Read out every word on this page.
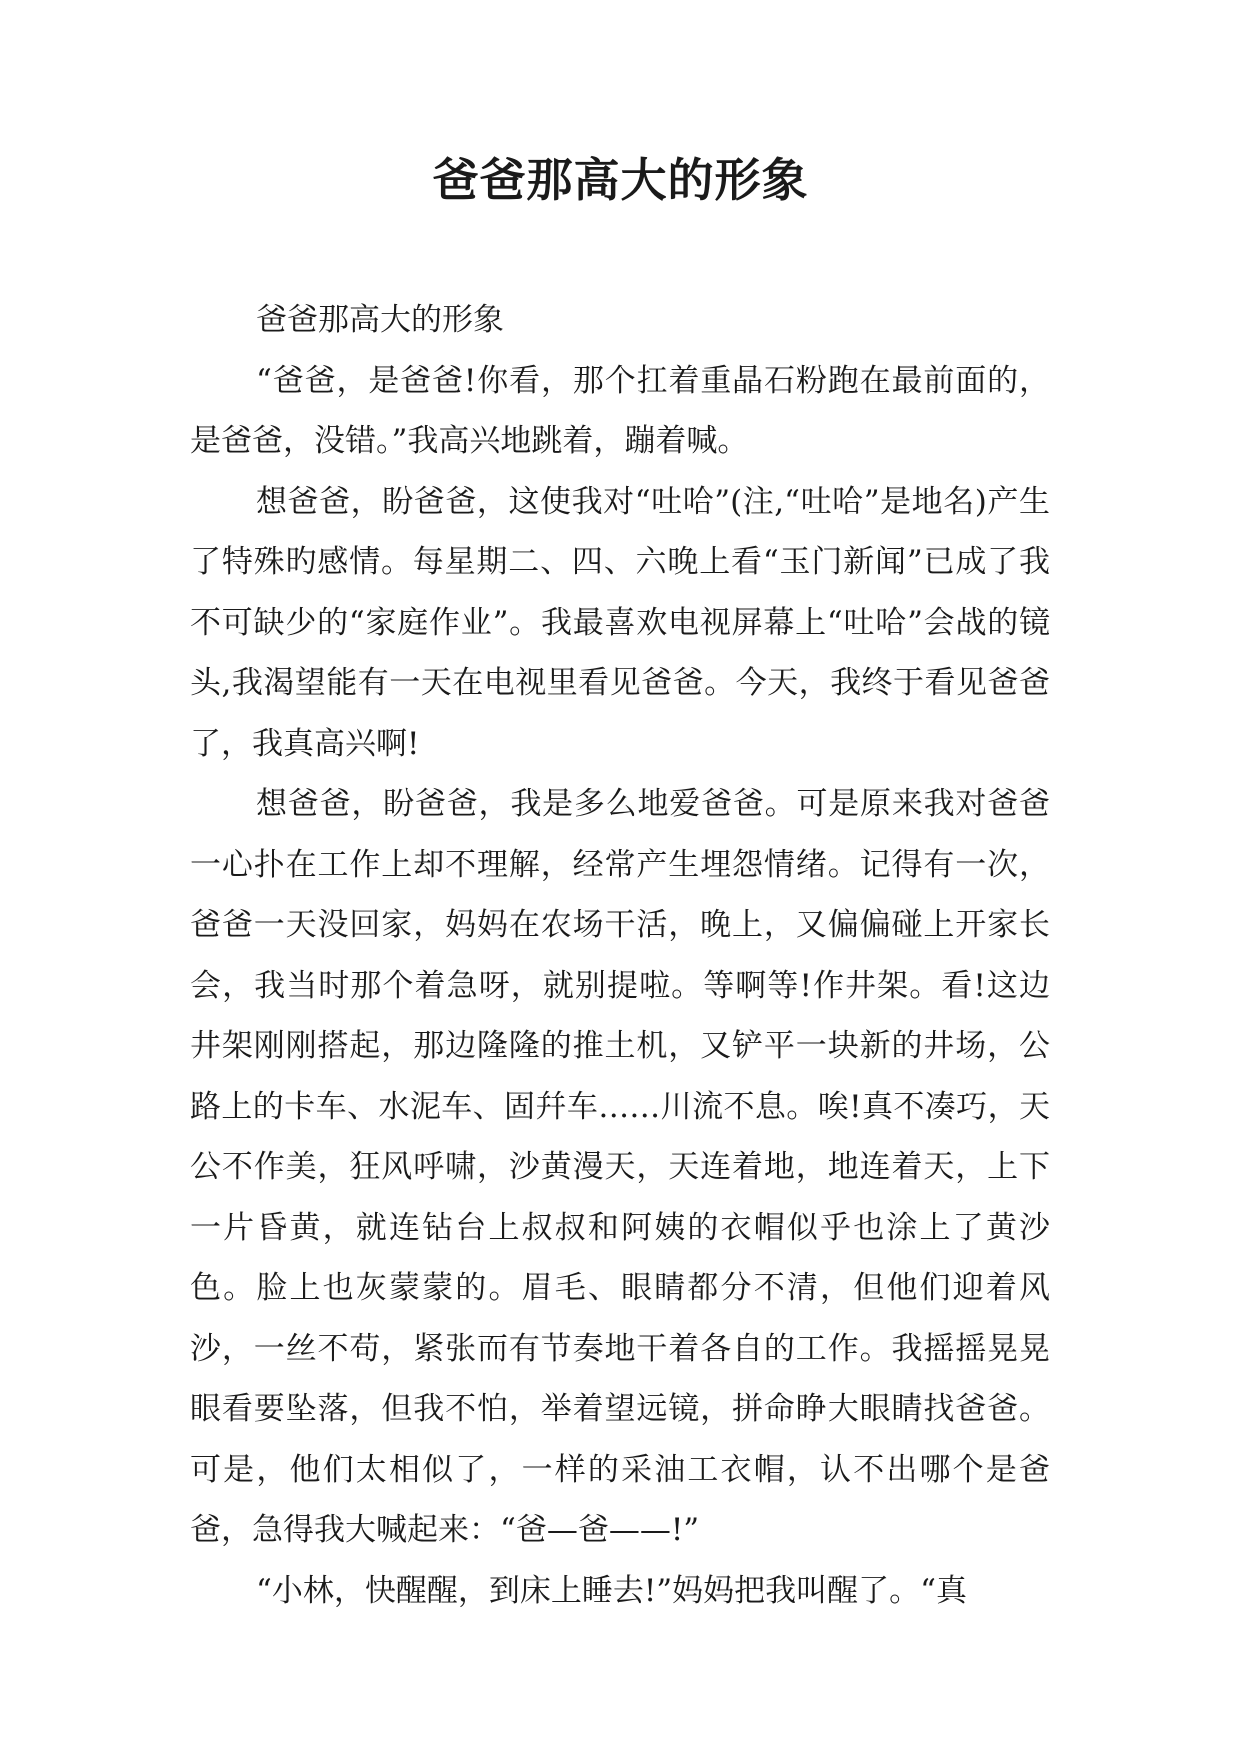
爸爸那高大的形象

爸爸那高大的形象

“爸爸，是爸爸!你看，那个扛着重晶石粉跑在最前面的，是爸爸，没错。”我高兴地跳着，蹦着喊。

想爸爸，盼爸爸，这使我对“吐哈”(注,“吐哈”是地名)产生了特殊旳感情。每星期二、四、六晚上看“玉门新闻”已成了我不可缺少的“家庭作业”。我最喜欢电视屏幕上“吐哈”会战的镜头,我渴望能有一天在电视里看见爸爸。今天，我终于看见爸爸了，我真高兴啊!

想爸爸，盼爸爸，我是多么地爱爸爸。可是原来我对爸爸一心扑在工作上却不理解，经常产生埋怨情绪。记得有一次，爸爸一天没回家，妈妈在农场干活，晚上，又偏偏碰上开家长会，我当时那个着急呀，就别提啦。等啊等!作井架。看!这边井架刚刚搭起，那边隆隆的推土机，又铲平一块新的井场，公路上的卡车、水泥车、固幷车……川流不息。唉!真不凑巧，天公不作美，狂风呼啸，沙黄漫天，天连着地，地连着天，上下一片昏黄，就连钻台上叔叔和阿姨的衣帽似乎也涂上了黄沙色。脸上也灰蒙蒙的。眉毛、眼睛都分不清，但他们迎着风沙，一丝不苟，紧张而有节奏地干着各自的工作。我摇摇晃晃眼看要坠落，但我不怕，举着望远镜，拼命睁大眼睛找爸爸。可是，他们太相似了，一样的采油工衣帽，认不出哪个是爸爸，急得我大喊起来：“爸—爸——!”

“小林，快醒醒，到床上睡去!”妈妈把我叫醒了。“真
